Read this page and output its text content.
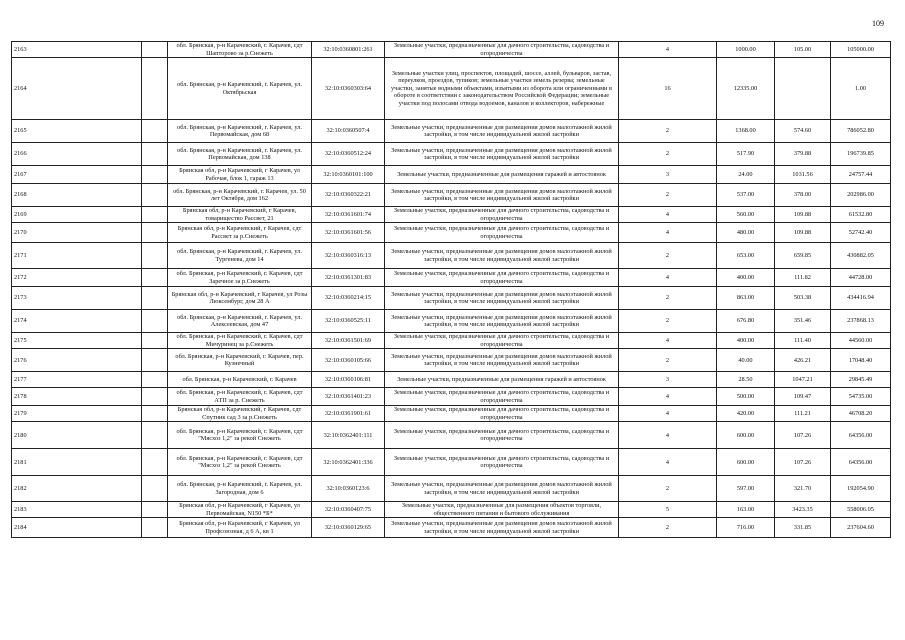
109
2163		обл. Брянская, р-н Карачевский, г. Карачев, сдт Шапторово за р.Снежеть	32:10:0360801:261	Земельные участки, предназначенные для дачного строительства, садоводства и огородничества	4	1000.00	105.00	105000.00
2164		обл. Брянская, р-н Карачевский, г. Карачев, ул. Октябрьская	32:10:0360303:64	Земельные участки улиц, проспектов, площадей, шоссе, аллей, бульваров, застав, переулков, проездов, тупиков; земельные участки земель резерва; земельные участки, занятые водными объектами, изъятыми из оборота или ограниченными в обороте в соответствии с законодательством Российской Федерации; земельные участки под полосами отвода водоемов, каналов и коллекторов, набережные	16	12335.00		1.00
2165		обл. Брянская, р-н Карачевский, г. Карачев, ул. Первомайская, дом 68	32:10:0360507:4	Земельные участки, предназначенные для размещения домов малоэтажной жилой застройки, в том числе индивидуальной жилой застройки	2	1368.00	574.60	786052.80
2166		обл. Брянская, р-н Карачевский, г. Карачев, ул. Первомайская, дом 138	32:10:0360512:24	Земельные участки, предназначенные для размещения домов малоэтажной жилой застройки, в том числе индивидуальной жилой застройки	2	517.90	379.88	196739.85
2167		Брянская обл, р-н Карачевский, г Карачев, ул Рабочая, блок 1, гараж 13	32:10:0360101:100	Земельные участки, предназначенные для размещения гаражей и автостоянок	3	24.00	1031.56	24757.44
2168		обл. Брянская, р-н Карачевский, г. Карачев, ул. 50 лет Октября, дом 162	32:10:0360322:21	Земельные участки, предназначенные для размещения домов малоэтажной жилой застройки, в том числе индивидуальной жилой застройки	2	537.00	378.00	202986.00
2169		Брянская обл, р-н Карачевский, г Карачев, товарищество Рассвет, 21	32:10:0361601:74	Земельные участки, предназначенные для дачного строительства, садоводства и огородничества	4	560.00	109.88	61532.80
2170		Брянская обл, р-н Карачевский, г Карачев, сдт Рассвет за р.Снежеть	32:10:0361601:56	Земельные участки, предназначенные для дачного строительства, садоводства и огородничества	4	480.00	109.88	52742.40
2171		обл. Брянская, р-н Карачевский, г. Карачев, ул. Тургенева, дом 14	32:10:0360316:13	Земельные участки, предназначенные для размещения домов малоэтажной жилой застройки, в том числе индивидуальной жилой застройки	2	653.00	659.85	430882.05
2172		обл. Брянская, р-н Карачевский, г. Карачев, сдт Заречное за р.Снежеть	32:10:0361301:83	Земельные участки, предназначенные для дачного строительства, садоводства и огородничества	4	400.00	111.82	44728.00
2173		Брянская обл, р-н Карачевский, г Карачев, ул Розы Люксембург, дом 28 А	32:10:0360214:15	Земельные участки, предназначенные для размещения домов малоэтажной жилой застройки, в том числе индивидуальной жилой застройки	2	863.00	503.38	434416.94
2174		обл. Брянская, р-н Карачевский, г. Карачев, ул. Алексеевская, дом 47	32:10:0360525:11	Земельные участки, предназначенные для размещения домов малоэтажной жилой застройки, в том числе индивидуальной жилой застройки	2	676.80	351.46	237868.13
2175		обл. Брянская, р-н Карачевский, г. Карачев, сдт Мичуринец за р.Снежеть	32:10:0361501:69	Земельные участки, предназначенные для дачного строительства, садоводства и огородничества	4	400.00	111.40	44560.00
2176		обл. Брянская, р-н Карачевский, г. Карачев, пер. Кузнечный	32:10:0360105:66	Земельные участки, предназначенные для размещения домов малоэтажной жилой застройки, в том числе индивидуальной жилой застройки	2	40.00	426.21	17048.40
2177		обл. Брянская, р-н Карачевский, г. Карачев	32:10:0360106:81	Земельные участки, предназначенные для размещения гаражей и автостоянок	3	28.50	1047.21	29845.49
2178		обл. Брянская, р-н Карачевский, г. Карачев, сдт АТП за р. Снежеть	32:10:0361401:23	Земельные участки, предназначенные для дачного строительства, садоводства и огородничества	4	500.00	109.47	54735.00
2179		Брянская обл, р-н Карачевский, г Карачев, сдт Спутник сад 3 за р.Снежеть	32:10:0361901:61	Земельные участки, предназначенные для дачного строительства, садоводства и огородничества	4	420.00	111.21	46708.20
2180		обл. Брянская, р-н Карачевский, г. Карачев, сдт "Мясхоз 1,2" за рекой Снежеть	32:10:0362401:111	Земельные участки, предназначенные для дачного строительства, садоводства и огородничества	4	600.00	107.26	64356.00
2181		обл. Брянская, р-н Карачевский, г. Карачев, сдт "Мясхоз 1,2" за рекой Снежеть	32:10:0362401:336	Земельные участки, предназначенные для дачного строительства, садоводства и огородничества	4	600.00	107.26	64356.00
2182		обл. Брянская, р-н Карачевский, г. Карачев, ул. Загородная, дом 6	32:10:0360123:6	Земельные участки, предназначенные для размещения домов малоэтажной жилой застройки, в том числе индивидуальной жилой застройки	2	597.00	321.70	192054.90
2183		Брянская обл, р-н Карачевский, г Карачев, ул Первомайская, N150 *Б*	32:10:0360407:75	Земельные участки, предназначенные для размещения объектов торговли, общественного питания и бытового обслуживания	5	163.00	3423.35	558006.05
2184		Брянская обл, р-н Карачевский, г Карачев, ул Профсоюзная, д 6 А, кв 1	32:10:0360129:65	Земельные участки, предназначенные для размещения домов малоэтажной жилой застройки, в том числе индивидуальной жилой застройки	2	716.00	331.85	237604.60
